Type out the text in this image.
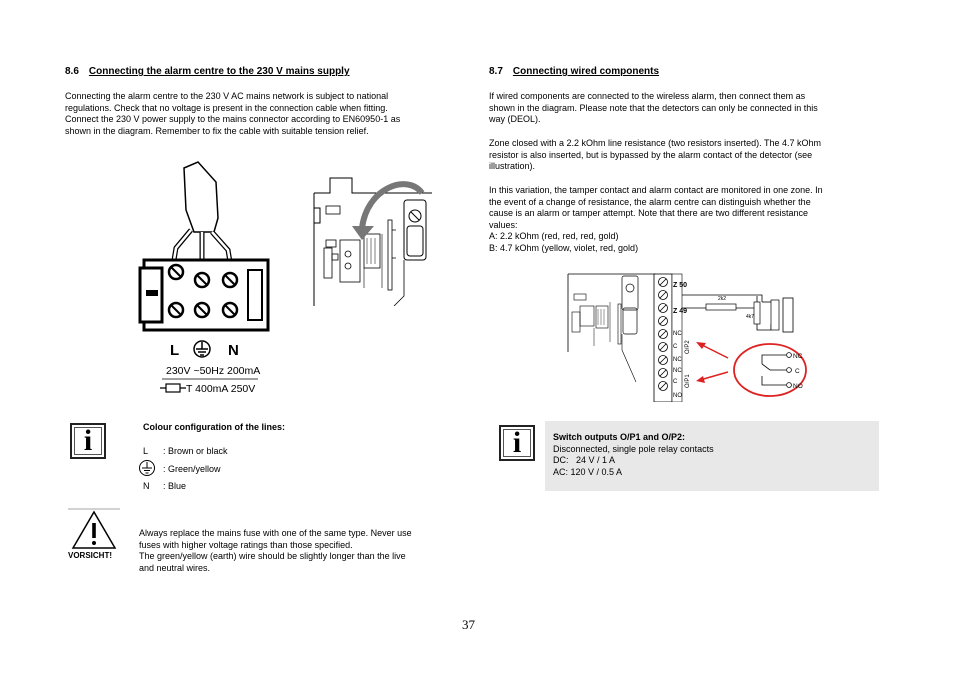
8.6 Connecting the alarm centre to the 230 V mains supply

Connecting the alarm centre to the 230 V AC mains network is subject to national

regulations. Check that no voltage is present in the connection cable when fitting.

Connect the 230 V power supply to the mains connector according to EN60950-1 as

shown in the diagram. Remember to fix the cable with suitable tension relief.

L	N
230V ~50Hz 200mA
T 400mA 250V
i	Colour configuration of the lines:
L	: Brown or black
: Green/yellow
N	: Blue
VORSICHT!

Always replace the mains fuse with one of the same type. Never use

fuses with higher voltage ratings than those specified.

The green/yellow (earth) wire should be slightly longer than the live

and neutral wires.

8.7 Connecting wired components

If wired components are connected to the wireless alarm, then connect them as

shown in the diagram. Please note that the detectors can only be connected in this

way (DEOL).

Zone closed with a 2.2 kOhm line resistance (two resistors inserted). The 4.7 kOhm

resistor is also inserted, but is bypassed by the alarm contact of the detector (see

illustration).

In this variation, the tamper contact and alarm contact are monitored in one zone. In

the event of a change of resistance, the alarm centre can distinguish whether the

cause is an alarm or tamper attempt. Note that there are two different resistance

values:

A: 2.2 kOhm (red, red, red, gold)

B: 4.7 kOhm (yellow, violet, red, gold)

Z 50
Z 49
NC
C O/P2
NC
NC
C O/P1
NO
2k2
4k7
NC
C
NO
i	Switch outputs O/P1 and O/P2:

Disconnected, single pole relay contacts

DC:   24 V / 1 A

AC: 120 V / 0.5 A

37
